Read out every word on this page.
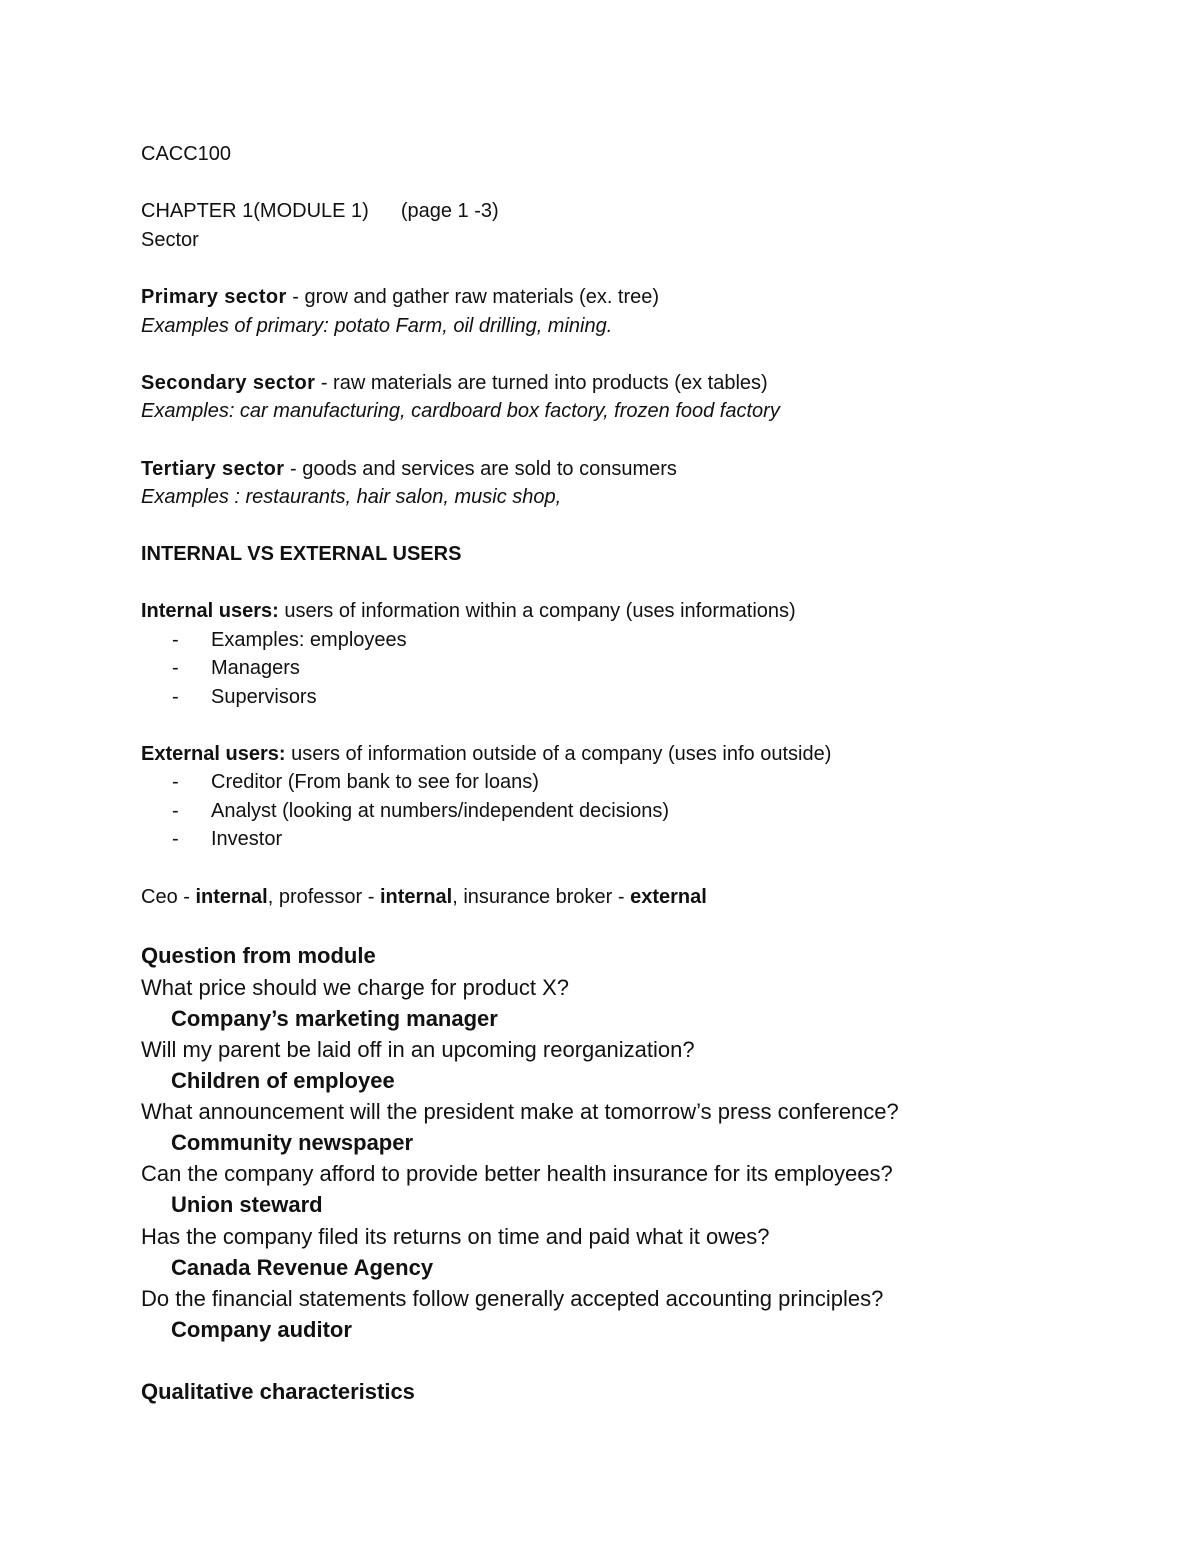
CACC100
CHAPTER 1(MODULE 1) (page 1 -3)
Sector
Primary sector - grow and gather raw materials (ex. tree)
Examples of primary: potato Farm, oil drilling, mining.
Secondary sector - raw materials are turned into products (ex tables)
Examples: car manufacturing, cardboard box factory, frozen food factory
Tertiary sector - goods and services are sold to consumers
Examples : restaurants, hair salon, music shop,
INTERNAL VS EXTERNAL USERS
Internal users: users of information within a company (uses informations)
- Examples: employees
- Managers
- Supervisors
External users: users of information outside of a company (uses info outside)
- Creditor (From bank to see for loans)
- Analyst (looking at numbers/independent decisions)
- Investor
Ceo - internal, professor - internal, insurance broker - external
Question from module
What price should we charge for product X?
Company’s marketing manager
Will my parent be laid off in an upcoming reorganization?
Children of employee
What announcement will the president make at tomorrow’s press conference?
Community newspaper
Can the company afford to provide better health insurance for its employees?
Union steward
Has the company filed its returns on time and paid what it owes?
Canada Revenue Agency
Do the financial statements follow generally accepted accounting principles?
Company auditor
Qualitative characteristics
